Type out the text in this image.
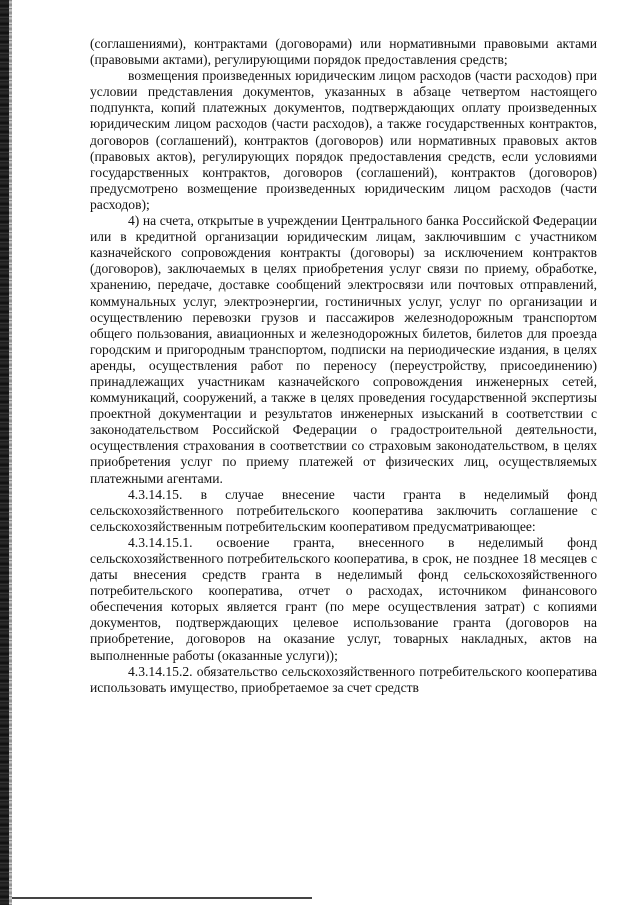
(соглашениями), контрактами (договорами) или нормативными правовыми актами (правовыми актами), регулирующими порядок предоставления средств;

возмещения произведенных юридическим лицом расходов (части расходов) при условии представления документов, указанных в абзаце четвертом настоящего подпункта, копий платежных документов, подтверждающих оплату произведенных юридическим лицом расходов (части расходов), а также государственных контрактов, договоров (соглашений), контрактов (договоров) или нормативных правовых актов (правовых актов), регулирующих порядок предоставления средств, если условиями государственных контрактов, договоров (соглашений), контрактов (договоров) предусмотрено возмещение произведенных юридическим лицом расходов (части расходов);

4) на счета, открытые в учреждении Центрального банка Российской Федерации или в кредитной организации юридическим лицам, заключившим с участником казначейского сопровождения контракты (договоры) за исключением контрактов (договоров), заключаемых в целях приобретения услуг связи по приему, обработке, хранению, передаче, доставке сообщений электросвязи или почтовых отправлений, коммунальных услуг, электроэнергии, гостиничных услуг, услуг по организации и осуществлению перевозки грузов и пассажиров железнодорожным транспортом общего пользования, авиационных и железнодорожных билетов, билетов для проезда городским и пригородным транспортом, подписки на периодические издания, в целях аренды, осуществления работ по переносу (переустройству, присоединению) принадлежащих участникам казначейского сопровождения инженерных сетей, коммуникаций, сооружений, а также в целях проведения государственной экспертизы проектной документации и результатов инженерных изысканий в соответствии с законодательством Российской Федерации о градостроительной деятельности, осуществления страхования в соответствии со страховым законодательством, в целях приобретения услуг по приему платежей от физических лиц, осуществляемых платежными агентами.

4.3.14.15. в случае внесение части гранта в неделимый фонд сельскохозяйственного потребительского кооператива заключить соглашение с сельскохозяйственным потребительским кооперативом предусматривающее:

4.3.14.15.1. освоение гранта, внесенного в неделимый фонд сельскохозяйственного потребительского кооператива, в срок, не позднее 18 месяцев с даты внесения средств гранта в неделимый фонд сельскохозяйственного потребительского кооператива, отчет о расходах, источником финансового обеспечения которых является грант (по мере осуществления затрат) с копиями документов, подтверждающих целевое использование гранта (договоров на приобретение, договоров на оказание услуг, товарных накладных, актов на выполненные работы (оказанные услуги));

4.3.14.15.2. обязательство сельскохозяйственного потребительского кооператива использовать имущество, приобретаемое за счет средств
